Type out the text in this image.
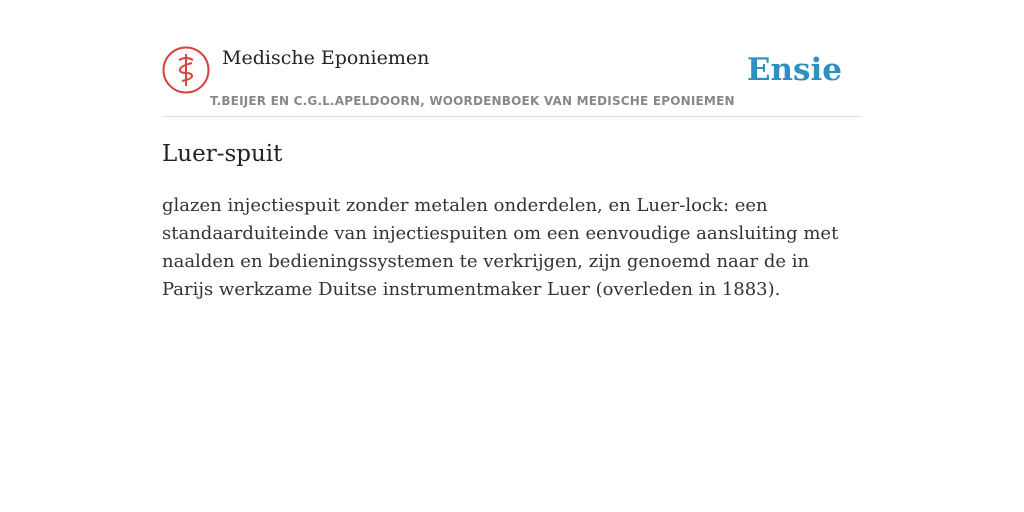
Medische Eponiemen
T.BEIJER EN C.G.L.APELDOORN, WOORDENBOEK VAN MEDISCHE EPONIEMEN
Ensie
Luer-spuit

glazen injectiespuit zonder metalen onderdelen, en Luer-lock: een standaarduiteinde van injectiespuiten om een eenvoudige aansluiting met naalden en bedieningssystemen te verkrijgen, zijn genoemd naar de in Parijs werkzame Duitse instrumentmaker Luer (overleden in 1883).
